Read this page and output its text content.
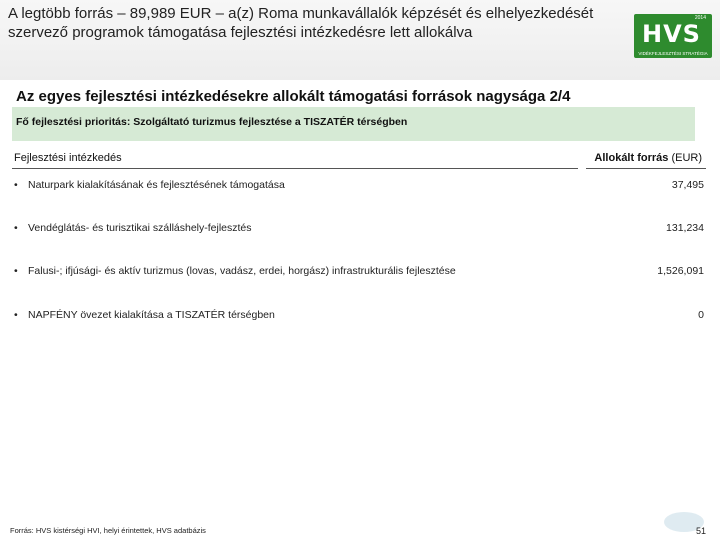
A legtöbb forrás – 89,989 EUR – a(z) Roma munkavállalók képzését és elhelyezkedését szervező programok támogatása fejlesztési intézkedésre lett allokálva
2014
HVS
VIDÉKFEJLESZTÉSI STRATÉGIA
Az egyes fejlesztési intézkedésekre allokált támogatási források nagysága 2/4
Fő fejlesztési prioritás: Szolgáltató turizmus fejlesztése a TISZATÉR térségben
Fejlesztési intézkedés	Allokált forrás (EUR)
• Naturpark kialakításának és fejlesztésének támogatása	37,495
• Vendéglátás- és turisztikai szálláshely-fejlesztés	131,234
• Falusi-; ifjúsági- és aktív turizmus (lovas, vadász, erdei, horgász) infrastrukturális fejlesztése	1,526,091
• NAPFÉNY övezet kialakítása a TISZATÉR térségben	0
Forrás: HVS kistérségi HVI, helyi érintettek, HVS adatbázis	51
